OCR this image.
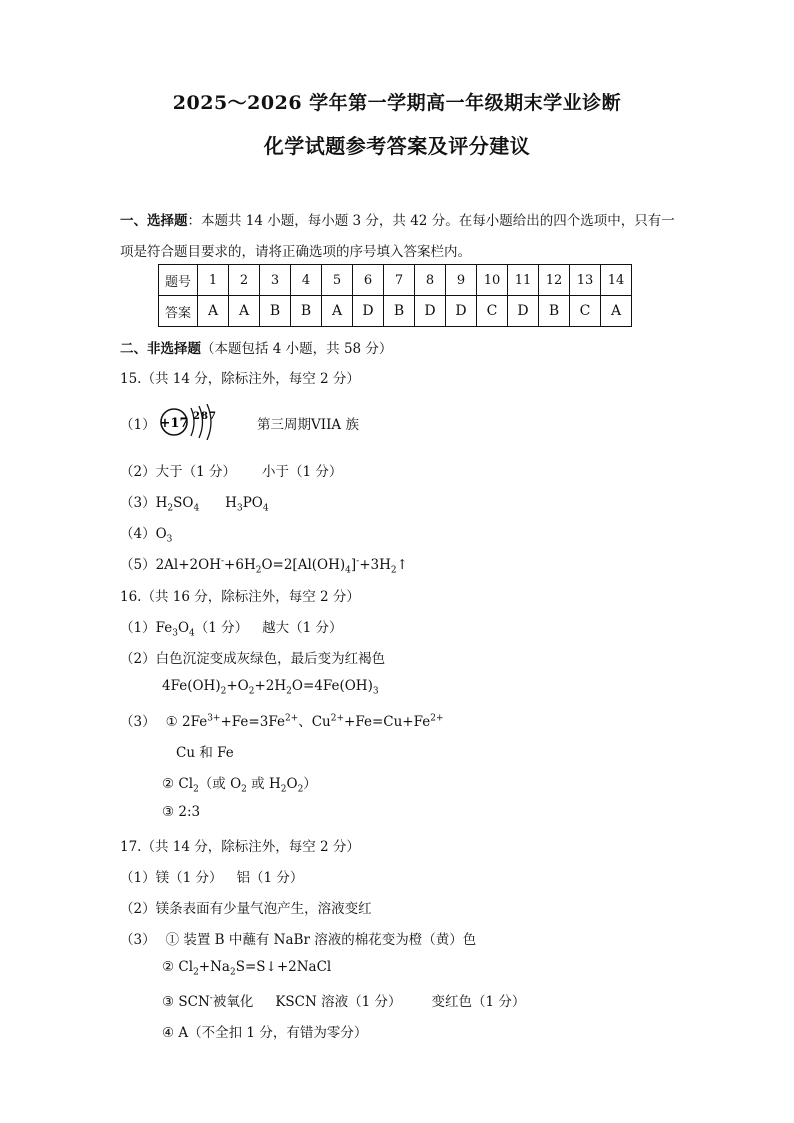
2025～2026 学年第一学期高一年级期末学业诊断
化学试题参考答案及评分建议
一、选择题：本题共 14 小题，每小题 3 分，共 42 分。在每小题给出的四个选项中，只有一
项是符合题目要求的，请将正确选项的序号填入答案栏内。
题号	1	2	3	4	5	6	7	8	9	10	11	12	13	14
答案	A	A	B	B	A	D	B	D	D	C	D	B	C	A
二、非选择题（本题包括 4 小题，共 58 分）
15.（共 14 分，除标注外，每空 2 分）
（1） +17 2 8 7
第三周期VIIA 族
（2）大于（1 分） 小于（1 分）
$(3)H_2SO_4$ $H_3PO_4$
$(4)O_3$
$(5)2Al+2OH^-+6H_2O=2[Al(OH)_4]^-+3H_2↑$
16.（共 16 分，除标注外，每空 2 分）
$(1)Fe_3O_4(1$ 分） 越大（1 分）
（2）白色沉淀变成灰绿色，最后变为红褐色
$4Fe(OH)_2+O_2+2H_2O=4Fe(OH)_3$
（3） ① $2Fe^{3+}+Fe=3Fe^{2+}$、$Cu^{2+}+Fe=Cu+Fe^{2+}$
Cu 和 Fe
② $Cl_2$（或 $O_2$ 或 $H_2O_2$）
③ 2:3
17.（共 14 分，除标注外，每空 2 分）
（1）镁（1 分） 铝（1 分）
（2）镁条表面有少量气泡产生，溶液变红
（3） ① 装置 B 中蘸有 NaBr 溶液的棉花变为橙（黄）色
② $Cl_2+Na_2S=S↓+2NaCl$
③ SCN-被氧化 KSCN 溶液（1 分） 变红色（1 分）
④ A（不全扣 1 分，有错为零分）
